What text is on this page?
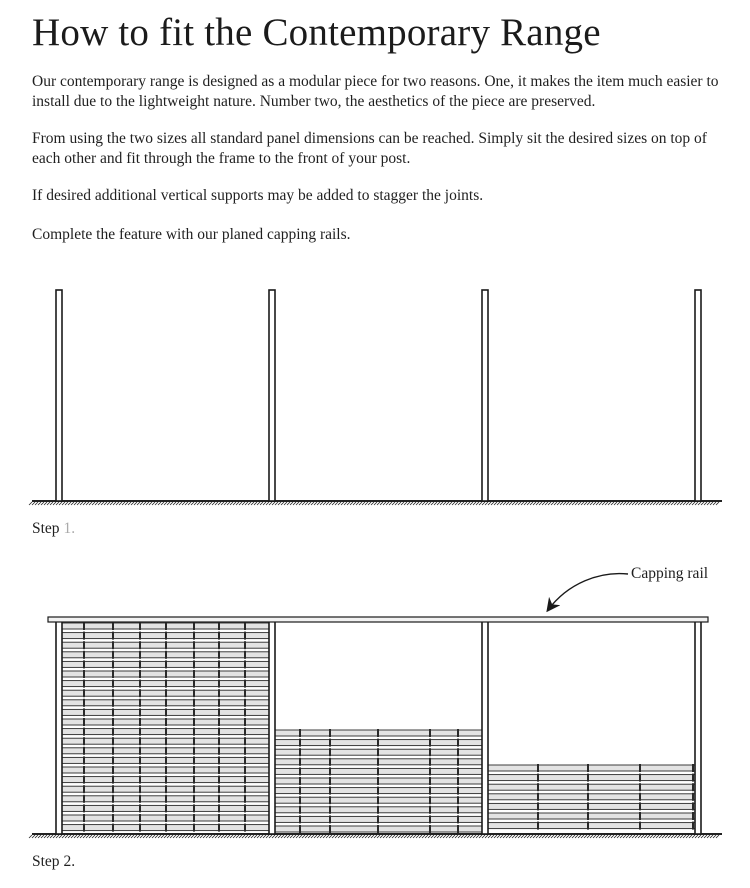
How to fit the Contemporary Range

Our contemporary range is designed as a modular piece for two reasons. One, it makes the item much easier to install due to the lightweight nature. Number two, the aesthetics of the piece are preserved.

From using the two sizes all standard panel dimensions can be reached. Simply sit the desired sizes on top of each other and fit through the frame to the front of your post.

If desired additional vertical supports may be added to stagger the joints.

Complete the feature with our planed capping rails.

Step 1.
Capping rail
Step 2.
